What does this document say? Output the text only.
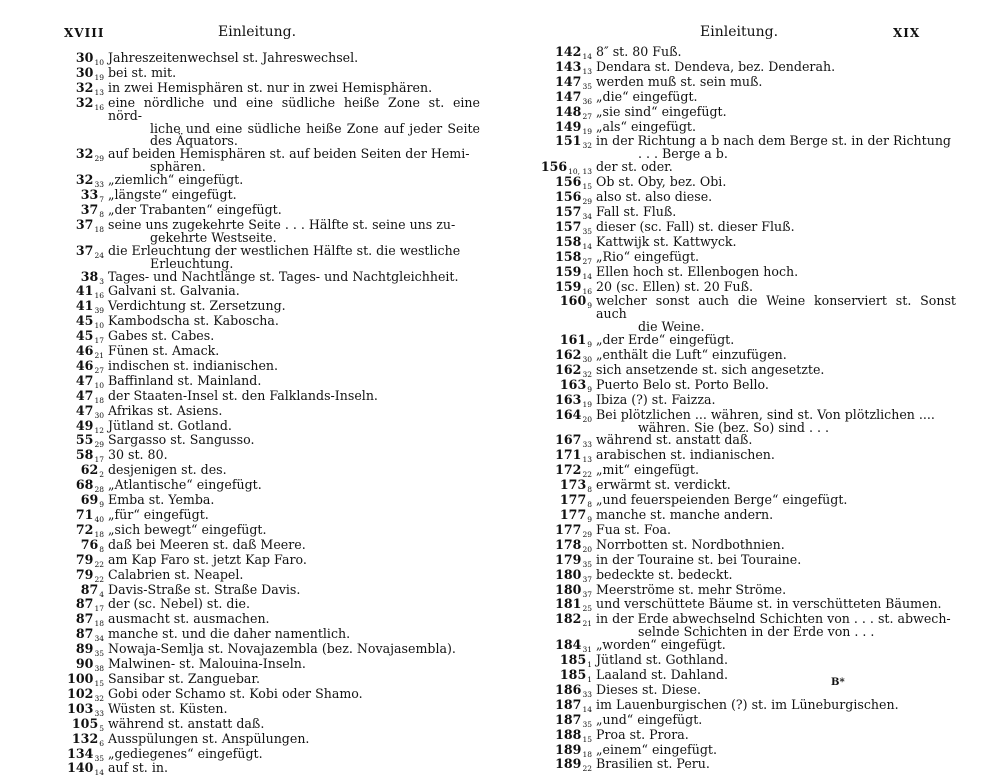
XVIII	Einleitung.
$30_{10}$ Jahreszeitenwechsel st. Jahreswechsel.
$30_{19}$ bei st. mit.
$32_{13}$ in zwei Hemisphären st. nur in zwei Hemisphären.
$32_{16}$ eine nördliche und eine südliche heiße Zone st. eine nörd-
liche und eine südliche heiße Zone auf jeder Seite des Äquators.
$32_{29}$ auf beiden Hemisphären st. auf beiden Seiten der Hemi-
sphären.
$32_{33}$ „ziemlich“ eingefügt.
$33_7$ „längste“ eingefügt.
$37_8$ „der Trabanten“ eingefügt.
$37_{18}$ seine uns zugekehrte Seite . . . Hälfte st. seine uns zu-
gekehrte Westseite.
$37_{24}$ die Erleuchtung der westlichen Hälfte st. die westliche
Erleuchtung.
$38_3$ Tages- und Nachtlänge st. Tages- und Nachtgleichheit.
$41_{16}$ Galvani st. Galvania.
$41_{39}$ Verdichtung st. Zersetzung.
$45_{10}$ Kambodscha st. Kaboscha.
$45_{17}$ Gabes st. Cabes.
$46_{21}$ Fünen st. Amack.
$46_{27}$ indischen st. indianischen.
$47_{10}$ Baffinland st. Mainland.
$47_{18}$ der Staaten-Insel st. den Falklands-Inseln.
$47_{30}$ Afrikas st. Asiens.
$49_{12}$ Jütland st. Gotland.
$55_{29}$ Sargasso st. Sangusso.
$58_{17}$ 30 st. 80.
$62_2$ desjenigen st. des.
$68_{28}$ „Atlantische“ eingefügt.
$69_9$ Emba st. Yemba.
$71_{40}$ „für“ eingefügt.
$72_{18}$ „sich bewegt“ eingefügt.
$76_8$ daß bei Meeren st. daß Meere.
$79_{22}$ am Kap Faro st. jetzt Kap Faro.
$79_{22}$ Calabrien st. Neapel.
$87_4$ Davis-Straße st. Straße Davis.
$87_{17}$ der (sc. Nebel) st. die.
$87_{18}$ ausmacht st. ausmachen.
$87_{34}$ manche st. und die daher namentlich.
$89_{35}$ Nowaja-Semlja st. Novajazembla (bez. Novajasembla).
$90_{38}$ Malwinen- st. Malouina-Inseln.
$100_{15}$ Sansibar st. Zanguebar.
$102_{32}$ Gobi oder Schamo st. Kobi oder Shamo.
$103_{33}$ Wüsten st. Küsten.
$105_5$ während st. anstatt daß.
$132_6$ Ausspülungen st. Anspülungen.
$134_{35}$ „gediegenes“ eingefügt.
$140_{14}$ auf st. in.
Einleitung.	XIX
$142_{14}$ 8″ st. 80 Fuß.
$143_{13}$ Dendara st. Dendeva, bez. Denderah.
$147_{35}$ werden muß st. sein muß.
$147_{36}$ „die“ eingefügt.
$148_{27}$ „sie sind“ eingefügt.
$149_{19}$ „als“ eingefügt.
$151_{32}$ in der Richtung a b nach dem Berge st. in der Richtung
. . . Berge a b.
$156_{10, 13}$ der st. oder.
$156_{15}$ Ob st. Oby, bez. Obi.
$156_{29}$ also st. also diese.
$157_{34}$ Fall st. Fluß.
$157_{35}$ dieser (sc. Fall) st. dieser Fluß.
$158_{14}$ Kattwijk st. Kattwyck.
$158_{27}$ „Rio“ eingefügt.
$159_{14}$ Ellen hoch st. Ellenbogen hoch.
$159_{16}$ 20 (sc. Ellen) st. 20 Fuß.
$160_9$ welcher sonst auch die Weine konserviert st. Sonst auch
die Weine.
$161_9$ „der Erde“ eingefügt.
$162_{30}$ „enthält die Luft“ einzufügen.
$162_{32}$ sich ansetzende st. sich angesetzte.
$163_9$ Puerto Belo st. Porto Bello.
$163_{19}$ Ibiza (?) st. Faizza.
$164_{20}$ Bei plötzlichen ... währen, sind st. Von plötzlichen ....
währen. Sie (bez. So) sind . . .
$167_{33}$ während st. anstatt daß.
$171_{13}$ arabischen st. indianischen.
$172_{22}$ „mit“ eingefügt.
$173_8$ erwärmt st. verdickt.
$177_8$ „und feuerspeienden Berge“ eingefügt.
$177_9$ manche st. manche andern.
$177_{29}$ Fua st. Foa.
$178_{20}$ Norrbotten st. Nordbothnien.
$179_{35}$ in der Touraine st. bei Touraine.
$180_{37}$ bedeckte st. bedeckt.
$180_{37}$ Meerströme st. mehr Ströme.
$181_{25}$ und verschüttete Bäume st. in verschütteten Bäumen.
$182_{21}$ in der Erde abwechselnd Schichten von . . . st. abwech-
selnde Schichten in der Erde von . . .
$184_{31}$ „worden“ eingefügt.
$185_1$ Jütland st. Gothland.
$185_1$ Laaland st. Dahland.
$186_{33}$ Dieses st. Diese.
$187_{14}$ im Lauenburgischen (?) st. im Lüneburgischen.
$187_{35}$ „und“ eingefügt.
$188_{15}$ Proa st. Prora.
$189_{18}$ „einem“ eingefügt.
$189_{22}$ Brasilien st. Peru.
B*
